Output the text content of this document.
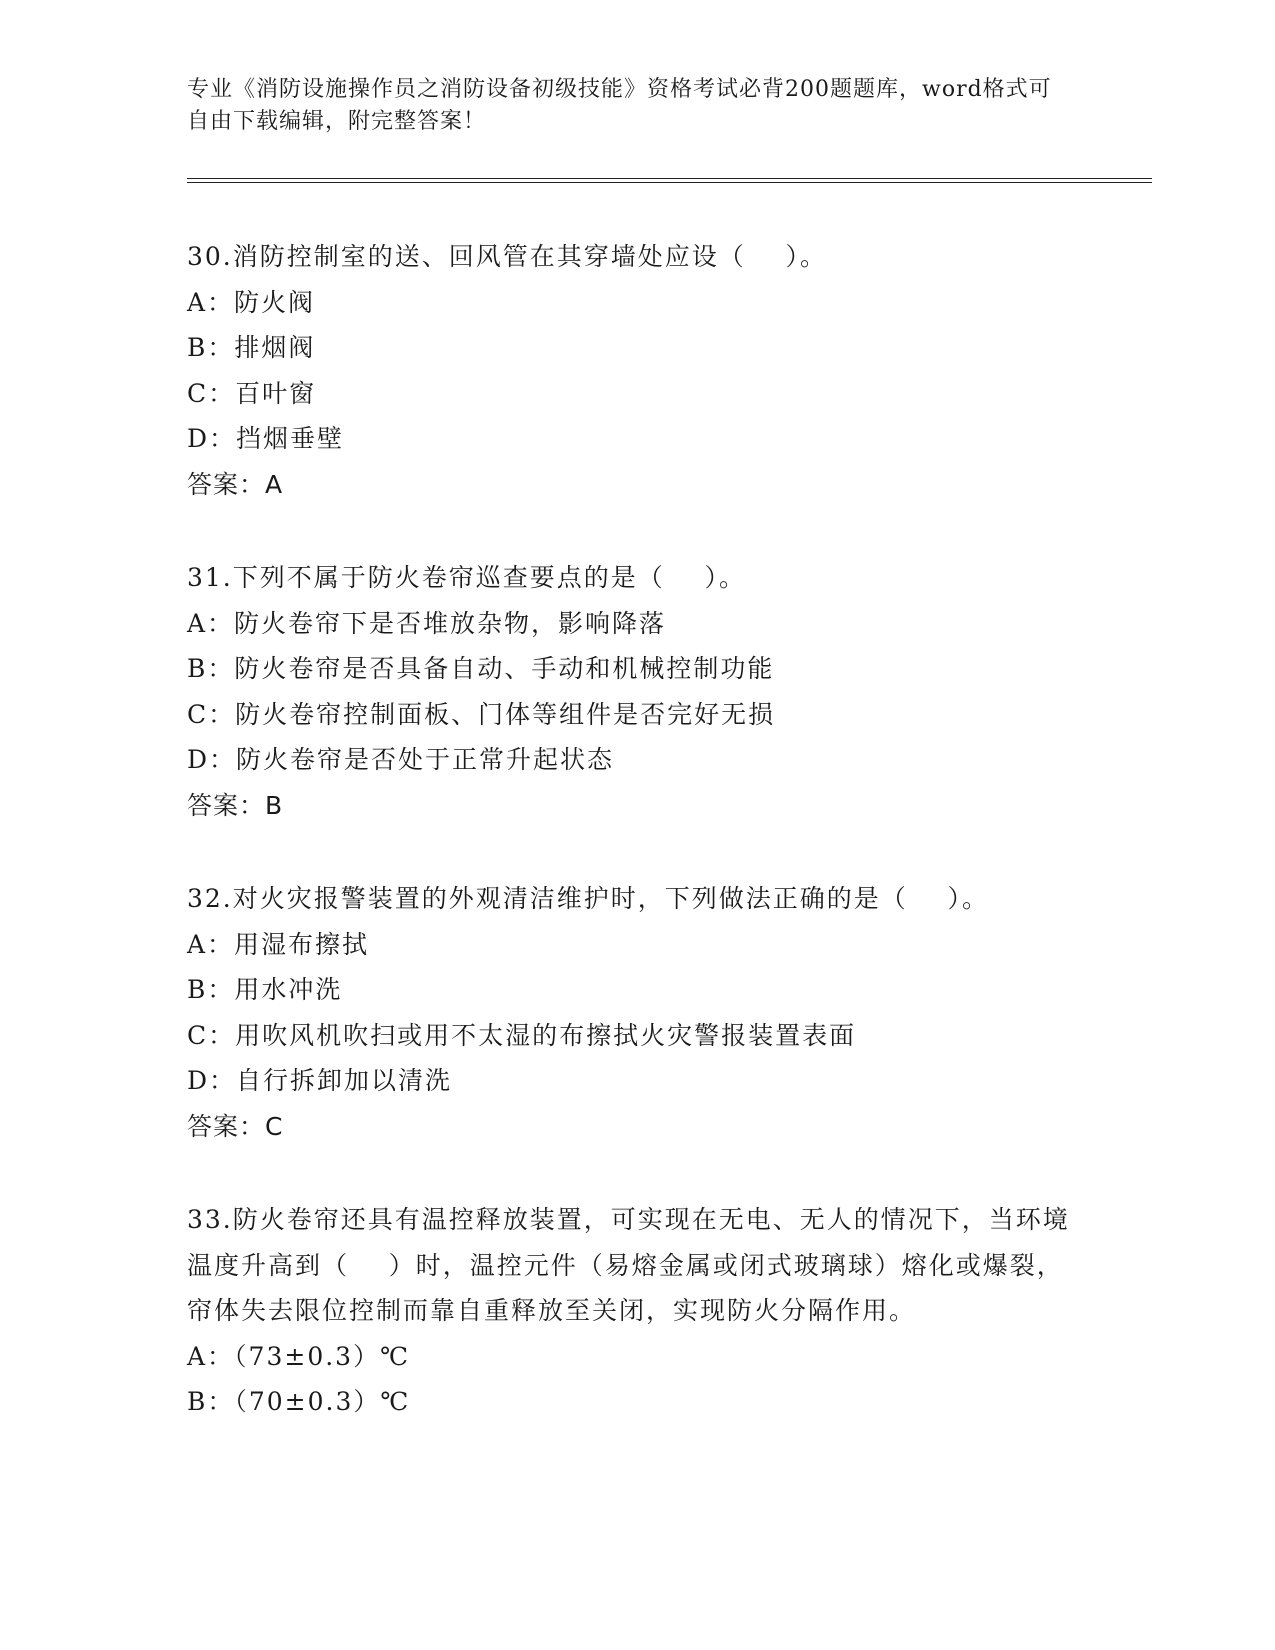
专业《消防设施操作员之消防设备初级技能》资格考试必背200题题库，word格式可自由下载编辑，附完整答案！

30.消防控制室的送、回风管在其穿墙处应设（    ）。

A：防火阀
B：排烟阀
C：百叶窗
D：挡烟垂壁
答案：A

31.下列不属于防火卷帘巡查要点的是（    ）。

A：防火卷帘下是否堆放杂物，影响降落
B：防火卷帘是否具备自动、手动和机械控制功能
C：防火卷帘控制面板、门体等组件是否完好无损
D：防火卷帘是否处于正常升起状态
答案：B

32.对火灾报警装置的外观清洁维护时，下列做法正确的是（    ）。

A：用湿布擦拭
B：用水冲洗
C：用吹风机吹扫或用不太湿的布擦拭火灾警报装置表面
D：自行拆卸加以清洗
答案：C

33.防火卷帘还具有温控释放装置，可实现在无电、无人的情况下，当环境温度升高到（    ）时，温控元件（易熔金属或闭式玻璃球）熔化或爆裂，帘体失去限位控制而靠自重释放至关闭，实现防火分隔作用。

A：（73±0.3）℃
B：（70±0.3）℃
